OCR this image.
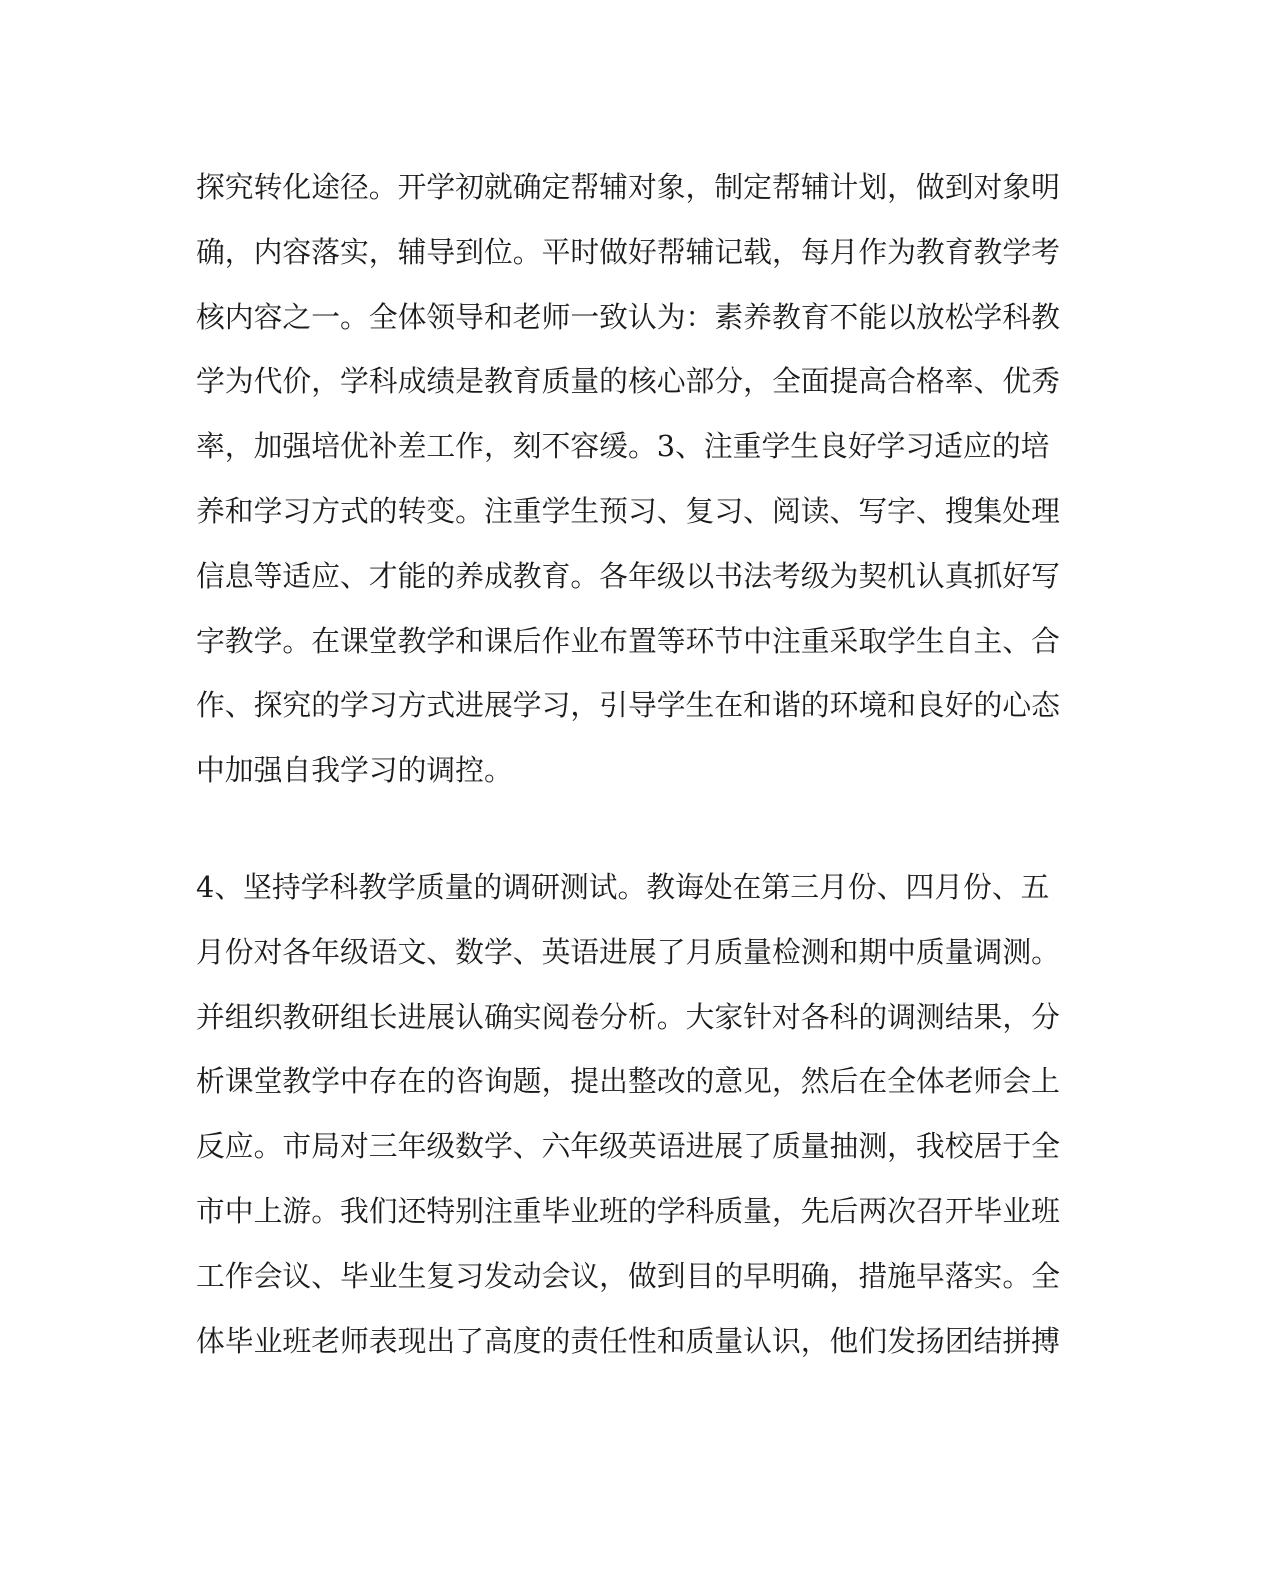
探究转化途径。开学初就确定帮辅对象，制定帮辅计划，做到对象明
确，内容落实，辅导到位。平时做好帮辅记载，每月作为教育教学考
核内容之一。全体领导和老师一致认为：素养教育不能以放松学科教
学为代价，学科成绩是教育质量的核心部分，全面提高合格率、优秀
率，加强培优补差工作，刻不容缓。3、注重学生良好学习适应的培
养和学习方式的转变。注重学生预习、复习、阅读、写字、搜集处理
信息等适应、才能的养成教育。各年级以书法考级为契机认真抓好写
字教学。在课堂教学和课后作业布置等环节中注重采取学生自主、合
作、探究的学习方式进展学习，引导学生在和谐的环境和良好的心态
中加强自我学习的调控。
4、坚持学科教学质量的调研测试。教诲处在第三月份、四月份、五
月份对各年级语文、数学、英语进展了月质量检测和期中质量调测。
并组织教研组长进展认确实阅卷分析。大家针对各科的调测结果，分
析课堂教学中存在的咨询题，提出整改的意见，然后在全体老师会上
反应。市局对三年级数学、六年级英语进展了质量抽测，我校居于全
市中上游。我们还特别注重毕业班的学科质量，先后两次召开毕业班
工作会议、毕业生复习发动会议，做到目的早明确，措施早落实。全
体毕业班老师表现出了高度的责任性和质量认识，他们发扬团结拼搏
